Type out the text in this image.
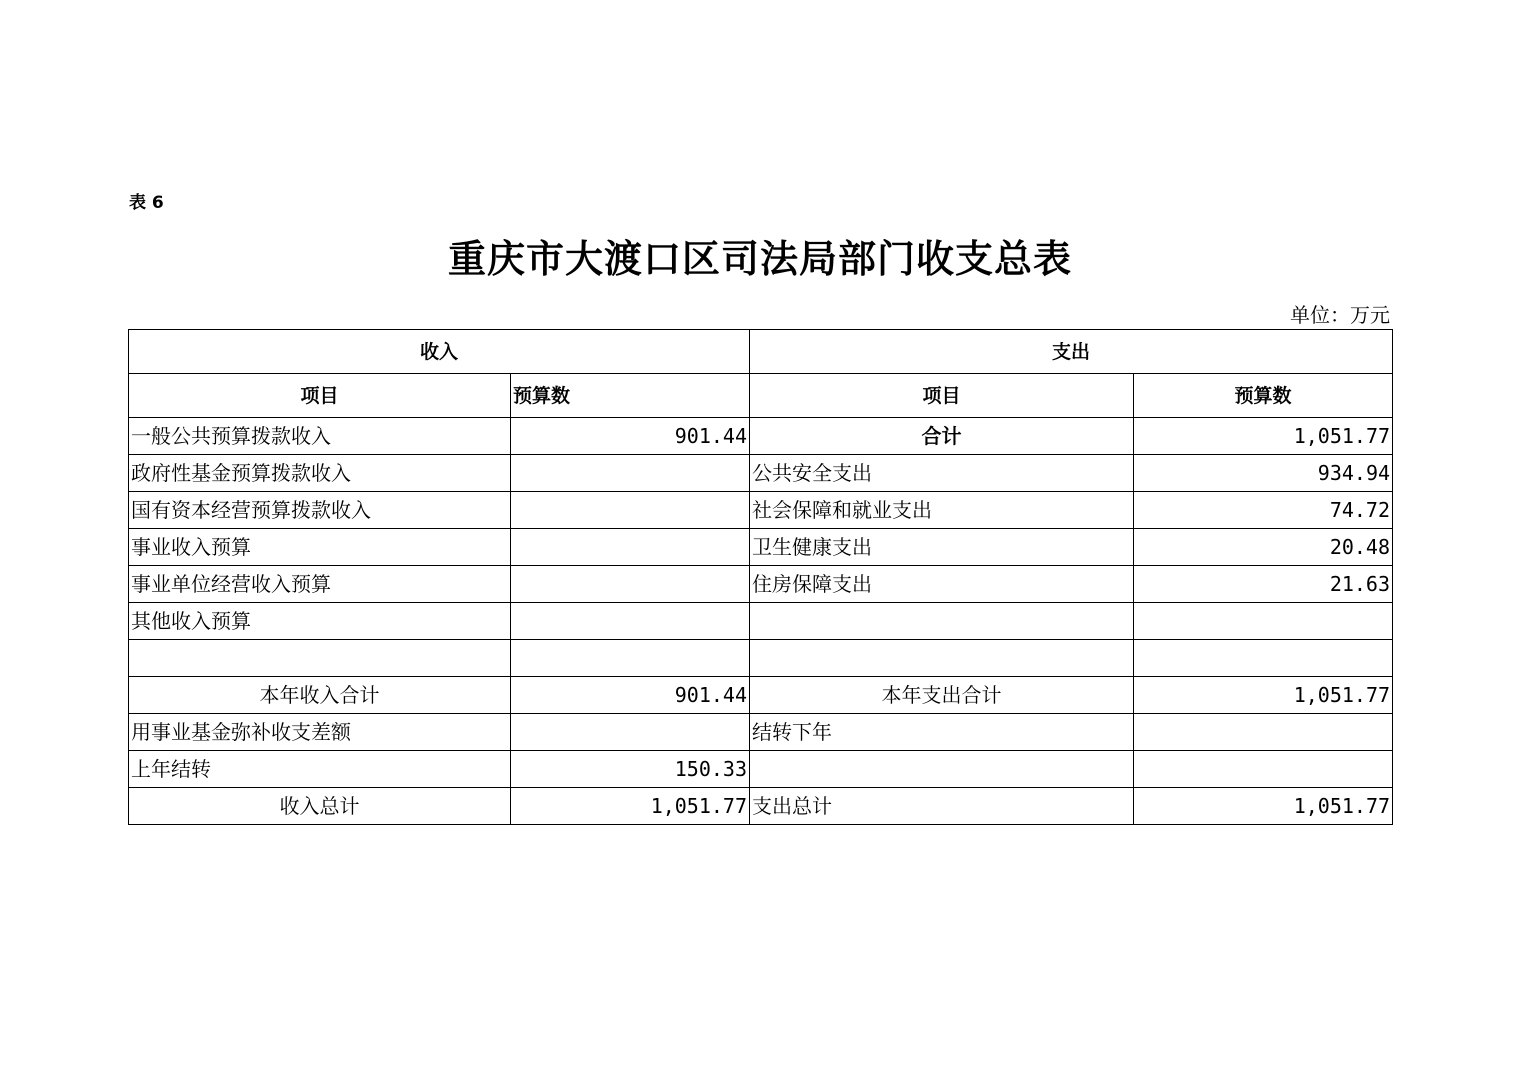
表 6
重庆市大渡口区司法局部门收支总表
单位：万元
收入		支出	
项目	预算数	项目	预算数
一般公共预算拨款收入	901.44	合计	1,051.77
政府性基金预算拨款收入		公共安全支出	934.94
国有资本经营预算拨款收入		社会保障和就业支出	74.72
事业收入预算		卫生健康支出	20.48
事业单位经营收入预算		住房保障支出	21.63
其他收入预算			

本年收入合计	901.44	本年支出合计	1,051.77
用事业基金弥补收支差额		结转下年	
上年结转	150.33		
收入总计	1,051.77	支出总计	1,051.77
